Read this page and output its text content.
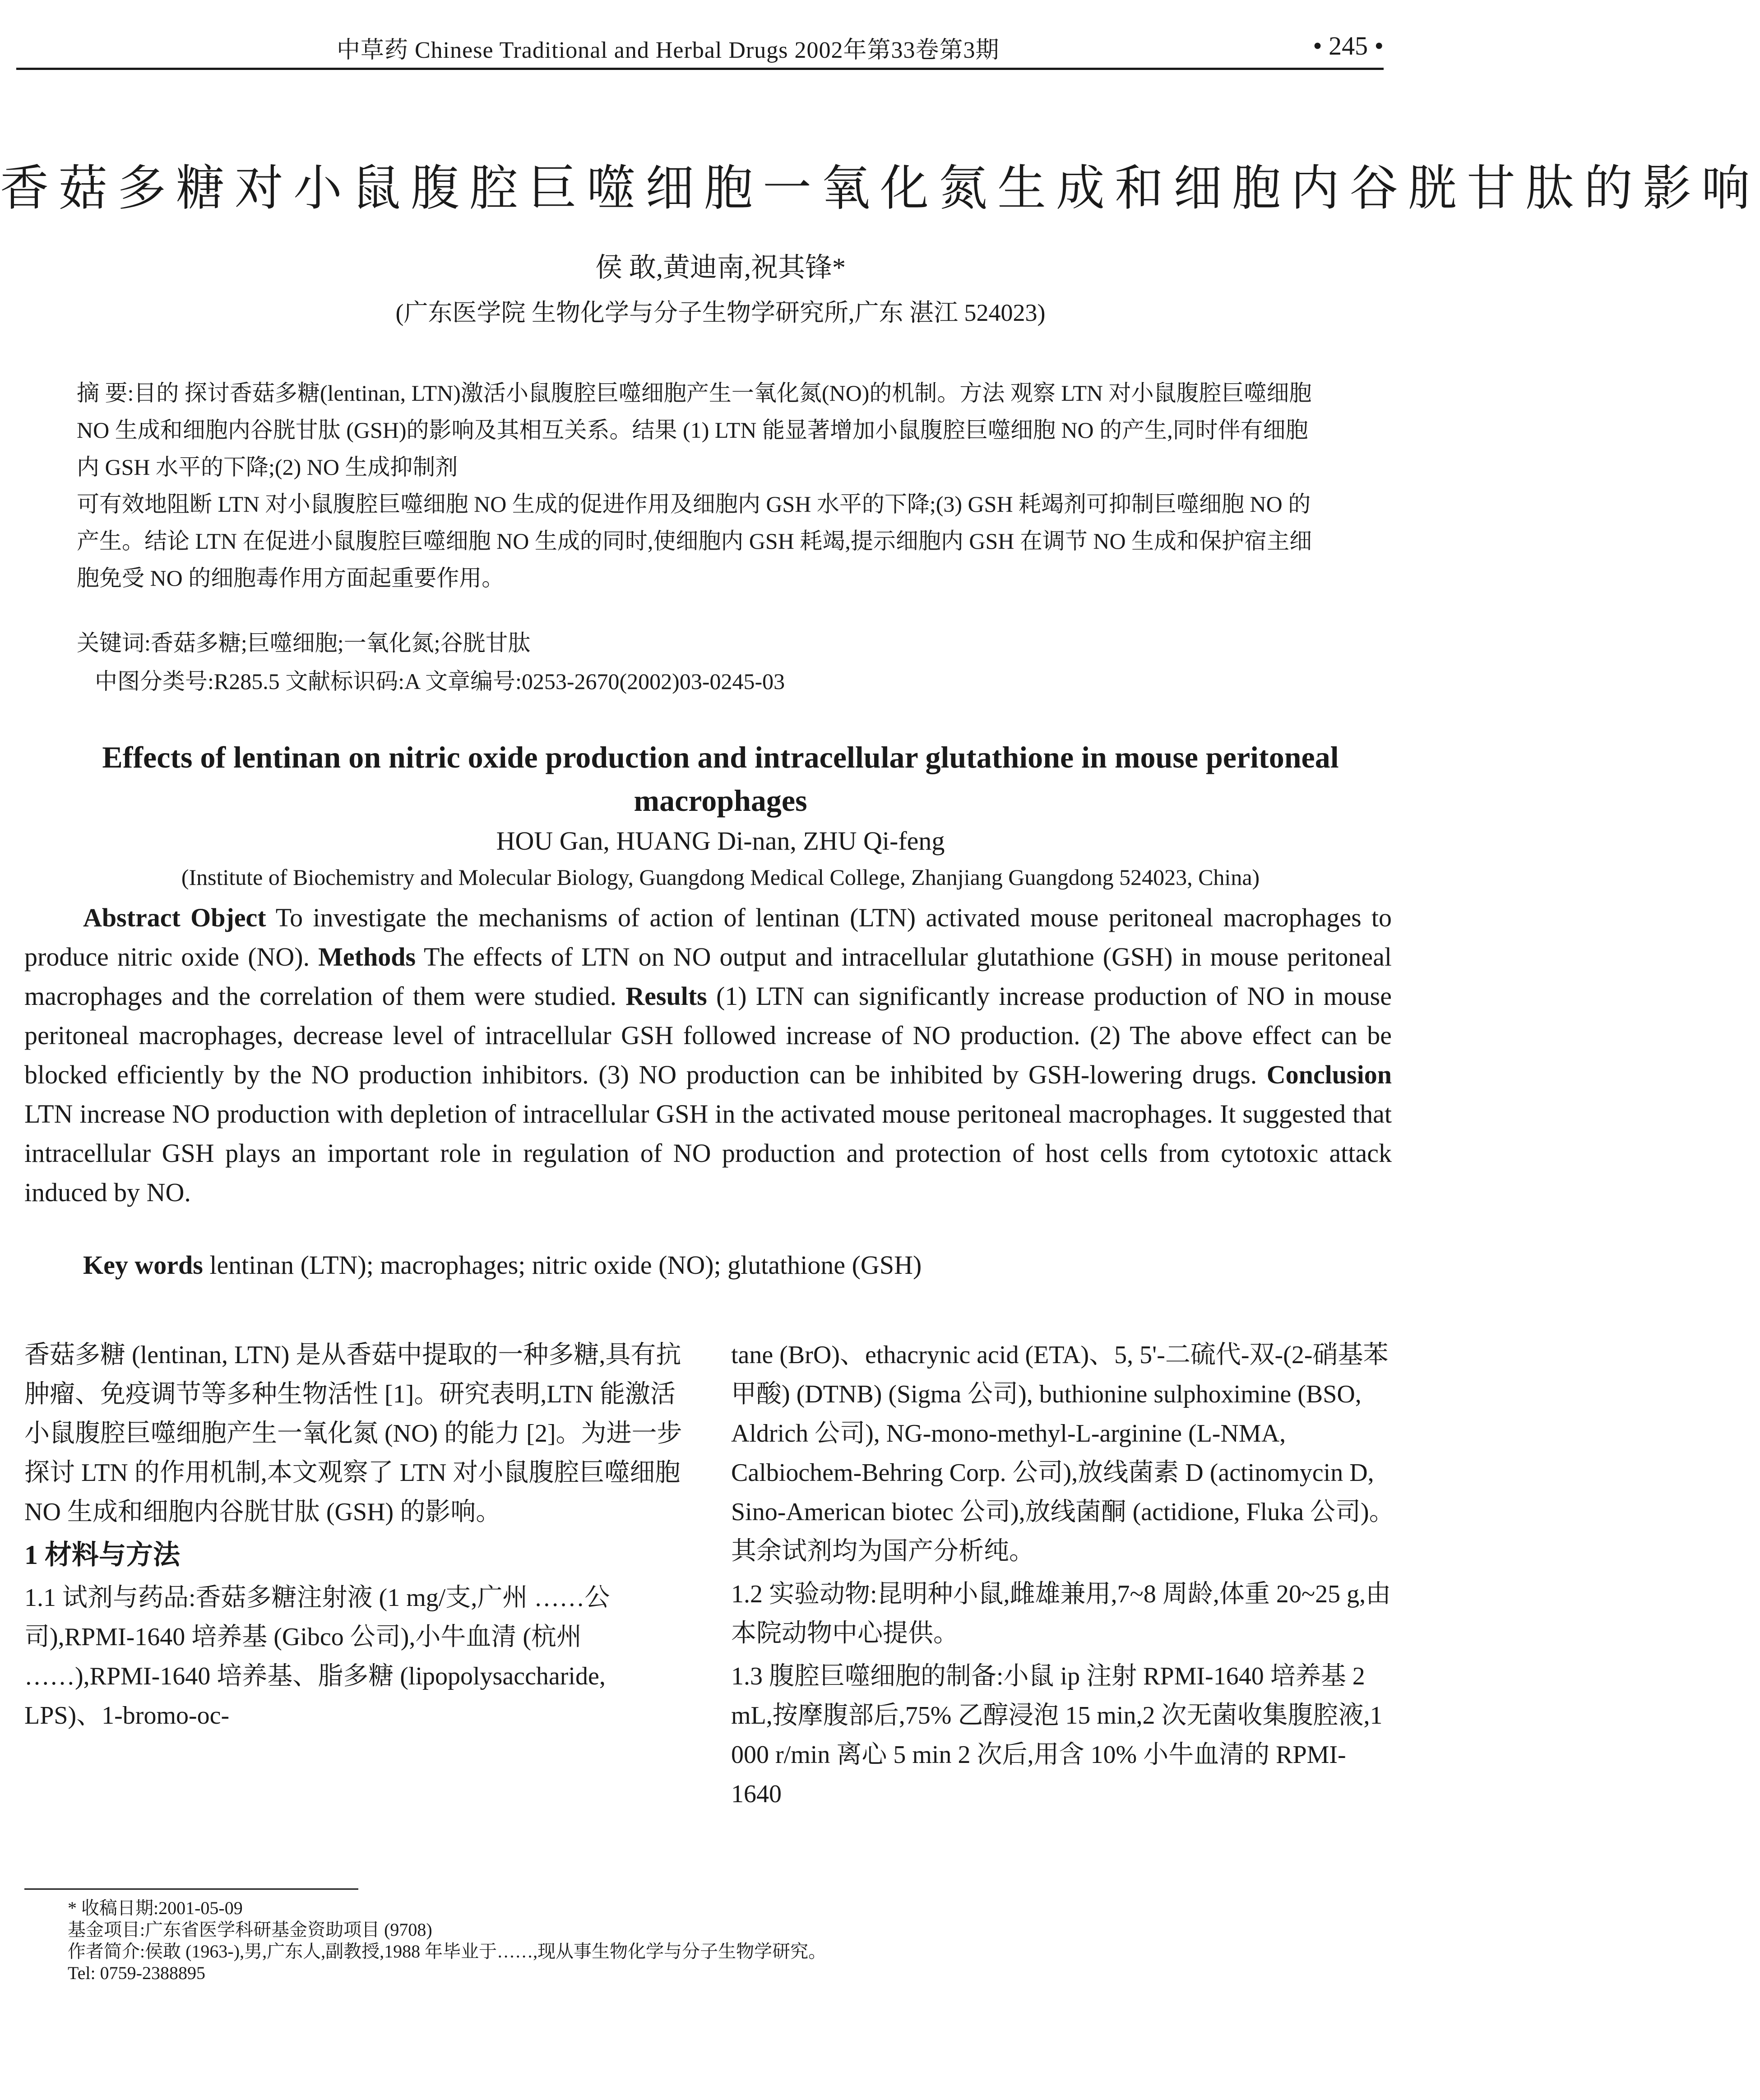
中草药 Chinese Traditional and Herbal Drugs 2002年第33卷第3期	• 245 •
香菇多糖对小鼠腹腔巨噬细胞一氧化氮生成和细胞内谷胱甘肽的影响
侯 敢,黄迪南,祝其锋*
(广东医学院 生物化学与分子生物学研究所,广东 湛江 524023)

摘 要:目的 探讨香菇多糖(lentinan, LTN)激活小鼠腹腔巨噬细胞产生一氧化氮(NO)的机制。方法 观察 LTN 对小鼠腹腔巨噬细胞 NO 生成和细胞内谷胱甘肽 (GSH)的影响及其相互关系。结果 (1) LTN 能显著增加小鼠腹腔巨噬细胞 NO 的产生,同时伴有细胞内 GSH 水平的下降;(2) NO 生成抑制剂

可有效地阻断 LTN 对小鼠腹腔巨噬细胞 NO 生成的促进作用及细胞内 GSH 水平的下降;(3) GSH 耗竭剂可抑制巨噬细胞 NO 的产生。结论 LTN 在促进小鼠腹腔巨噬细胞 NO 生成的同时,使细胞内 GSH 耗竭,提示细胞内 GSH 在调节 NO 生成和保护宿主细胞免受 NO 的细胞毒作用方面起重要作用。

关键词:香菇多糖;巨噬细胞;一氧化氮;谷胱甘肽
中图分类号:R285.5 文献标识码:A 文章编号:0253-2670(2002)03-0245-03
Effects of lentinan on nitric oxide production and intracellular glutathione in mouse peritoneal macrophages
HOU Gan, HUANG Di-nan, ZHU Qi-feng
(Institute of Biochemistry and Molecular Biology, Guangdong Medical College, Zhanjiang Guangdong 524023, China)

Abstract Object To investigate the mechanisms of action of lentinan (LTN) activated mouse peritoneal macrophages to produce nitric oxide (NO). Methods The effects of LTN on NO output and intracellular glutathione (GSH) in mouse peritoneal macrophages and the correlation of them were studied. Results (1) LTN can significantly increase production of NO in mouse peritoneal macrophages, decrease level of intracellular GSH followed increase of NO production. (2) The above effect can be blocked efficiently by the NO production inhibitors. (3) NO production can be inhibited by GSH-lowering drugs. Conclusion LTN increase NO production with depletion of intracellular GSH in the activated mouse peritoneal macrophages. It suggested that intracellular GSH plays an important role in regulation of NO production and protection of host cells from cytotoxic attack induced by NO.

Key words lentinan (LTN); macrophages; nitric oxide (NO); glutathione (GSH)

香菇多糖 (lentinan, LTN) 是从香菇中提取的一种多糖,具有抗肿瘤、免疫调节等多种生物活性 [1]。研究表明,LTN 能激活小鼠腹腔巨噬细胞产生一氧化氮 (NO) 的能力 [2]。为进一步探讨 LTN 的作用机制,本文观察了 LTN 对小鼠腹腔巨噬细胞 NO 生成和细胞内谷胱甘肽 (GSH) 的影响。

1 材料与方法

1.1 试剂与药品:香菇多糖注射液 (1 mg/支,广州 ……公司),RPMI-1640 培养基 (Gibco 公司),小牛血清 (杭州 ……),RPMI-1640 培养基、脂多糖 (lipopolysaccharide, LPS)、1-bromo-oc-

tane (BrO)、ethacrynic acid (ETA)、5, 5'-二硫代-双-(2-硝基苯甲酸) (DTNB) (Sigma 公司), buthionine sulphoximine (BSO, Aldrich 公司), NG-mono-methyl-L-arginine (L-NMA, Calbiochem-Behring Corp. 公司),放线菌素 D (actinomycin D, Sino-American biotec 公司),放线菌酮 (actidione, Fluka 公司)。其余试剂均为国产分析纯。

1.2 实验动物:昆明种小鼠,雌雄兼用,7~8 周龄,体重 20~25 g,由本院动物中心提供。

1.3 腹腔巨噬细胞的制备:小鼠 ip 注射 RPMI-1640 培养基 2 mL,按摩腹部后,75% 乙醇浸泡 15 min,2 次无菌收集腹腔液,1 000 r/min 离心 5 min 2 次后,用含 10% 小牛血清的 RPMI-1640

* 收稿日期:2001-05-09
基金项目:广东省医学科研基金资助项目 (9708)
作者简介:侯敢 (1963-),男,广东人,副教授,1988 年毕业于……,现从事生物化学与分子生物学研究。
Tel: 0759-2388895
